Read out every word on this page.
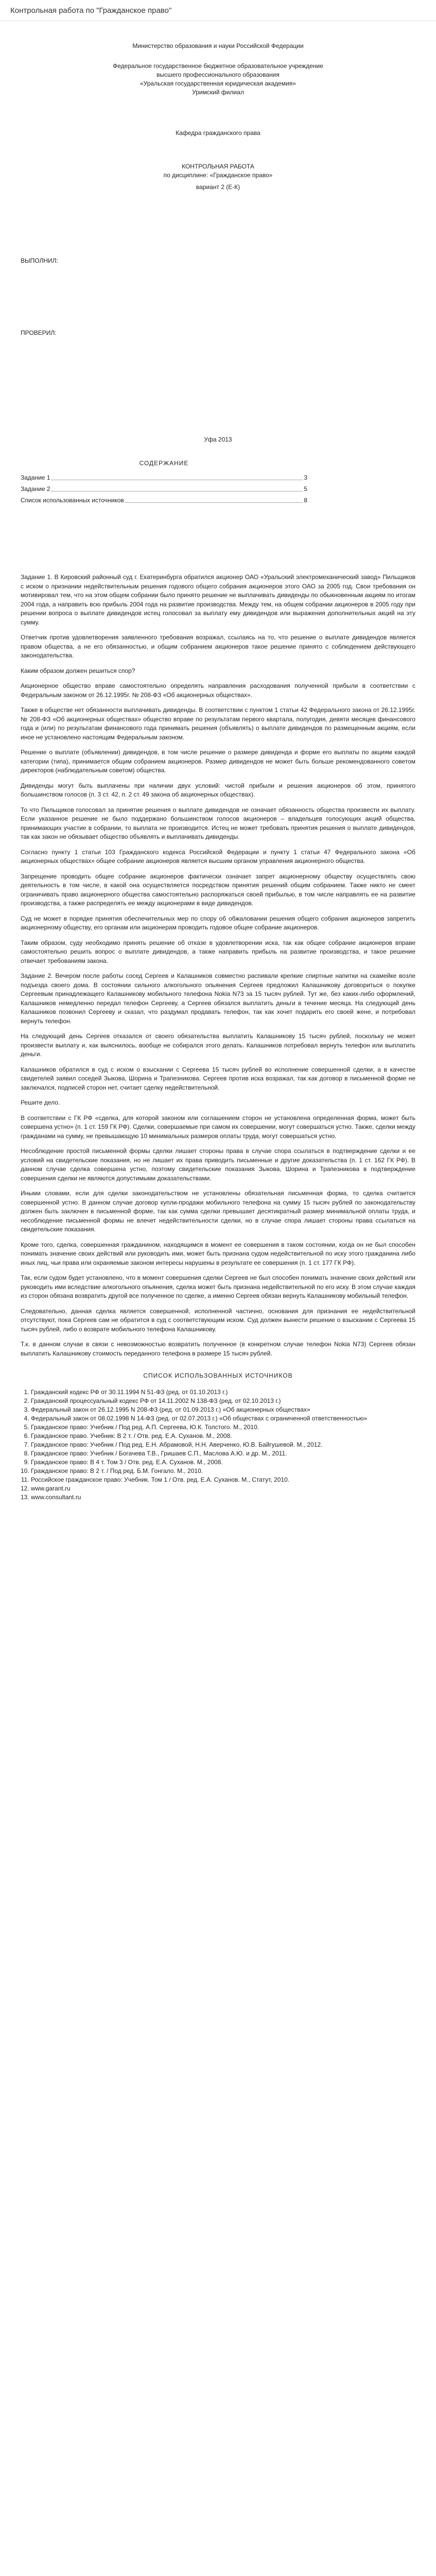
Контрольная работа по "Гражданское право"
Министерство образования и науки Российской Федерации
Федеральное государственное бюджетное образовательное учреждение
высшего профессионального образования
«Уральская государственная юридическая академия»
Уримский филиал
Кафедра гражданского права
КОНТРОЛЬНАЯ РАБОТА
по дисциплине: «Гражданское право»
вариант 2 (Е-К)
ВЫПОЛНИЛ:
ПРОВЕРИЛ:
Уфа 2013
СОДЕРЖАНИЕ
Задание 1	3
Задание 2	5
Список использованных источников	8

Задание 1. В Кировский районный суд г. Екатеринбурга обратился акционер ОАО «Уральский электромеханический завод» Пильщиков с иском о признании недействительным решения годового общего собрания акционеров этого ОАО за 2005 год. Свои требования он мотивировал тем, что на этом общем собрании было принято решение не выплачивать дивиденды по обыкновенным акциям по итогам 2004 года, а направить всю прибыль 2004 года на развитие производства. Между тем, на общем собрании акционеров в 2005 году при решении вопроса о выплате дивидендов истец голосовал за выплату ему дивидендов или выражения дополнительных акций на эту сумму.

Ответчик против удовлетворения заявленного требования возражал, ссылаясь на то, что решение о выплате дивидендов является правом общества, а не его обязанностью, и общим собранием акционеров такое решение принято с соблюдением действующего законодательства.

Каким образом должен решиться спор?

Акционерное общество вправе самостоятельно определять направления расходования полученной прибыли в соответствии с Федеральным законом от 26.12.1995г. № 208-ФЗ «Об акционерных обществах».

Также в обществе нет обязанности выплачивать дивиденды. В соответствии с пунктом 1 статьи 42 Федерального закона от 26.12.1995г. № 208-ФЗ «Об акционерных обществах» общество вправе по результатам первого квартала, полугодия, девяти месяцев финансового года и (или) по результатам финансового года принимать решения (объявлять) о выплате дивидендов по размещенным акциям, если иное не установлено настоящим Федеральным законом.

Решение о выплате (объявлении) дивидендов, в том числе решение о размере дивиденда и форме его выплаты по акциям каждой категории (типа), принимается общим собранием акционеров. Размер дивидендов не может быть больше рекомендованного советом директоров (наблюдательным советом) общества.

Дивиденды могут быть выплачены при наличии двух условий: чистой прибыли и решения акционеров об этом, принятого большинством голосов (п. 3 ст. 42, п. 2 ст. 49 закона об акционерных обществах).

То что Пильщиков голосовал за принятие решения о выплате дивидендов не означает обязанность общества произвести их выплату. Если указанное решение не было поддержано большинством голосов акционеров – владельцев голосующих акций общества, принимающих участие в собрании, то выплата не производится. Истец не может требовать принятия решения о выплате дивидендов, так как закон не обязывает общество объявлять и выплачивать дивиденды.

Согласно пункту 1 статьи 103 Гражданского кодекса Российской Федерации и пункту 1 статьи 47 Федерального закона «Об акционерных обществах» общее собрание акционеров является высшим органом управления акционерного общества.

Запрещение проводить общее собрание акционеров фактически означает запрет акционерному обществу осуществлять свою деятельность в том числе, в какой она осуществляется посредством принятия решений общим собранием. Также никто не смеет ограничивать право акционерного общества самостоятельно распоряжаться своей прибылью, в том числе направлять ее на развитие производства, а также распределять ее между акционерами в виде дивидендов.

Суд не может в порядке принятия обеспечительных мер по спору об обжаловании решения общего собрания акционеров запретить акционерному обществу, его органам или акционерам проводить годовое общее собрание акционеров.

Таким образом, суду необходимо принять решение об отказе в удовлетворении иска, так как общее собрание акционеров вправе самостоятельно решить вопрос о выплате дивидендов, а также направить прибыль на развитие производства, и такое решение отвечает требованиям закона.

Задание 2. Вечером после работы сосед Сергеев и Калашников совместно распивали крепкие спиртные напитки на скамейке возле подъезда своего дома. В состоянии сильного алкогольного опьянения Сергеев предложил Калашникову договориться о покупке Сергеевым принадлежащего Калашникову мобильного телефона Nokia N73 за 15 тысяч рублей. Тут же, без каких-либо оформлений, Калашников немедленно передал телефон Сергееву, а Сергеев обязался выплатить деньги в течение месяца. На следующий день Калашников позвонил Сергееву и сказал, что раздумал продавать телефон, так как хочет подарить его своей жене, и потребовал вернуть телефон.

На следующий день Сергеев отказался от своего обязательства выплатить Калашникову 15 тысяч рублей, поскольку не может произвести выплату и, как выяснилось, вообще не собирался этого делать. Калашников потребовал вернуть телефон или выплатить деньги.

Калашников обратился в суд с иском о взыскании с Сергеева 15 тысяч рублей во исполнение совершенной сделки, а в качестве свидетелей заявил соседей Зыкова, Шорина и Трапезникова. Сергеев против иска возражал, так как договор в письменной форме не заключался, подписей сторон нет, считает сделку недействительной.

Решите дело.

В соответствии с ГК РФ «сделка, для которой законом или соглашением сторон не установлена определенная форма, может быть совершена устно» (п. 1 ст. 159 ГК РФ). Сделки, совершаемые при самом их совершении, могут совершаться устно. Также, сделки между гражданами на сумму, не превышающую 10 минимальных размеров оплаты труда, могут совершаться устно.

Несоблюдение простой письменной формы сделки лишает стороны права в случае спора ссылаться в подтверждение сделки и ее условий на свидетельские показания, но не лишает их права приводить письменные и другие доказательства (п. 1 ст. 162 ГК РФ). В данном случае сделка совершена устно, поэтому свидетельские показания Зыкова, Шорина и Трапезникова в подтверждение совершения сделки не являются допустимыми доказательствами.

Иными словами, если для сделки законодательством не установлены обязательная письменная форма, то сделка считается совершенной устно. В данном случае договор купли-продажи мобильного телефона на сумму 15 тысяч рублей по законодательству должен быть заключен в письменной форме, так как сумма сделки превышает десятикратный размер минимальной оплаты труда, и несоблюдение письменной формы не влечет недействительности сделки, но в случае спора лишает стороны права ссылаться на свидетельские показания.

Кроме того, сделка, совершенная гражданином, находящимся в момент ее совершения в таком состоянии, когда он не был способен понимать значение своих действий или руководить ими, может быть признана судом недействительной по иску этого гражданина либо иных лиц, чьи права или охраняемые законом интересы нарушены в результате ее совершения (п. 1 ст. 177 ГК РФ).

Так, если судом будет установлено, что в момент совершения сделки Сергеев не был способен понимать значение своих действий или руководить ими вследствие алкогольного опьянения, сделка может быть признана недействительной по его иску. В этом случае каждая из сторон обязана возвратить другой все полученное по сделке, а именно Сергеев обязан вернуть Калашникову мобильный телефон.

Следовательно, данная сделка является совершенной, исполненной частично, основания для признания ее недействительной отсутствуют, пока Сергеев сам не обратится в суд с соответствующим иском. Суд должен вынести решение о взыскании с Сергеева 15 тысяч рублей, либо о возврате мобильного телефона Калашникову.

Т.к. в данном случае в связи с невозможностью возвратить полученное (в конкретном случае телефон Nokia N73) Сергеев обязан выплатить Калашникову стоимость переданного телефона в размере 15 тысяч рублей.

СПИСОК ИСПОЛЬЗОВАННЫХ ИСТОЧНИКОВ
1. Гражданский кодекс РФ от 30.11.1994 N 51-ФЗ (ред. от 01.10.2013 г.)
2. Гражданский процессуальный кодекс РФ от 14.11.2002 N 138-ФЗ (ред. от 02.10.2013 г.)
3. Федеральный закон от 26.12.1995 N 208-ФЗ (ред. от 01.09.2013 г.) «Об акционерных обществах»
4. Федеральный закон от 08.02.1998 N 14-ФЗ (ред. от 02.07.2013 г.) «Об обществах с ограниченной ответственностью»
5. Гражданское право: Учебник / Под ред. А.П. Сергеева, Ю.К. Толстого. М., 2010.
6. Гражданское право. Учебник: В 2 т. / Отв. ред. Е.А. Суханов. М., 2008.
7. Гражданское право: Учебник / Под ред. Е.Н. Абрамовой, Н.Н. Аверченко, Ю.В. Байгушевой. М., 2012.
8. Гражданское право: Учебник / Богачева Т.В., Гришаев С.П., Маслова А.Ю. и др. М., 2011.
9. Гражданское право: В 4 т. Том 3 / Отв. ред. Е.А. Суханов. М., 2008.
10. Гражданское право: В 2 т. / Под ред. Б.М. Гонгало. М., 2010.
11. Российское гражданское право: Учебник. Том 1 / Отв. ред. Е.А. Суханов. М., Статут, 2010.
12. www.garant.ru
13. www.consultant.ru
